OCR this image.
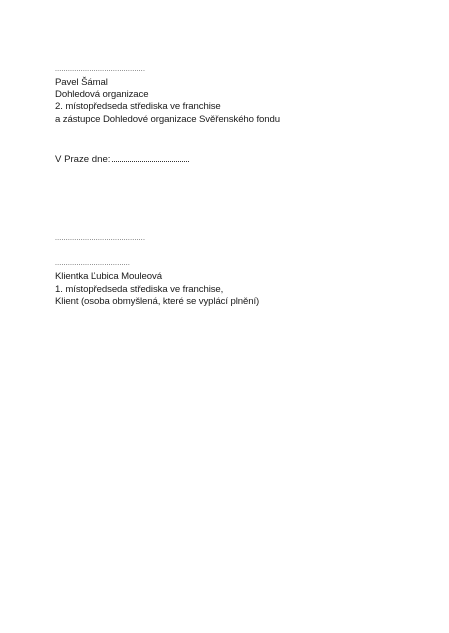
..........................................
Pavel Šámal
Dohledová organizace
2. místopředseda střediska ve franchise
a zástupce Dohledové organizace Svěřenského fondu
V Praze dne:
..........................................
...................................
Klientka Ľubica Mouleová
1. místopředseda střediska ve franchise,
Klient (osoba obmyšlená, které se vyplácí plnění)
